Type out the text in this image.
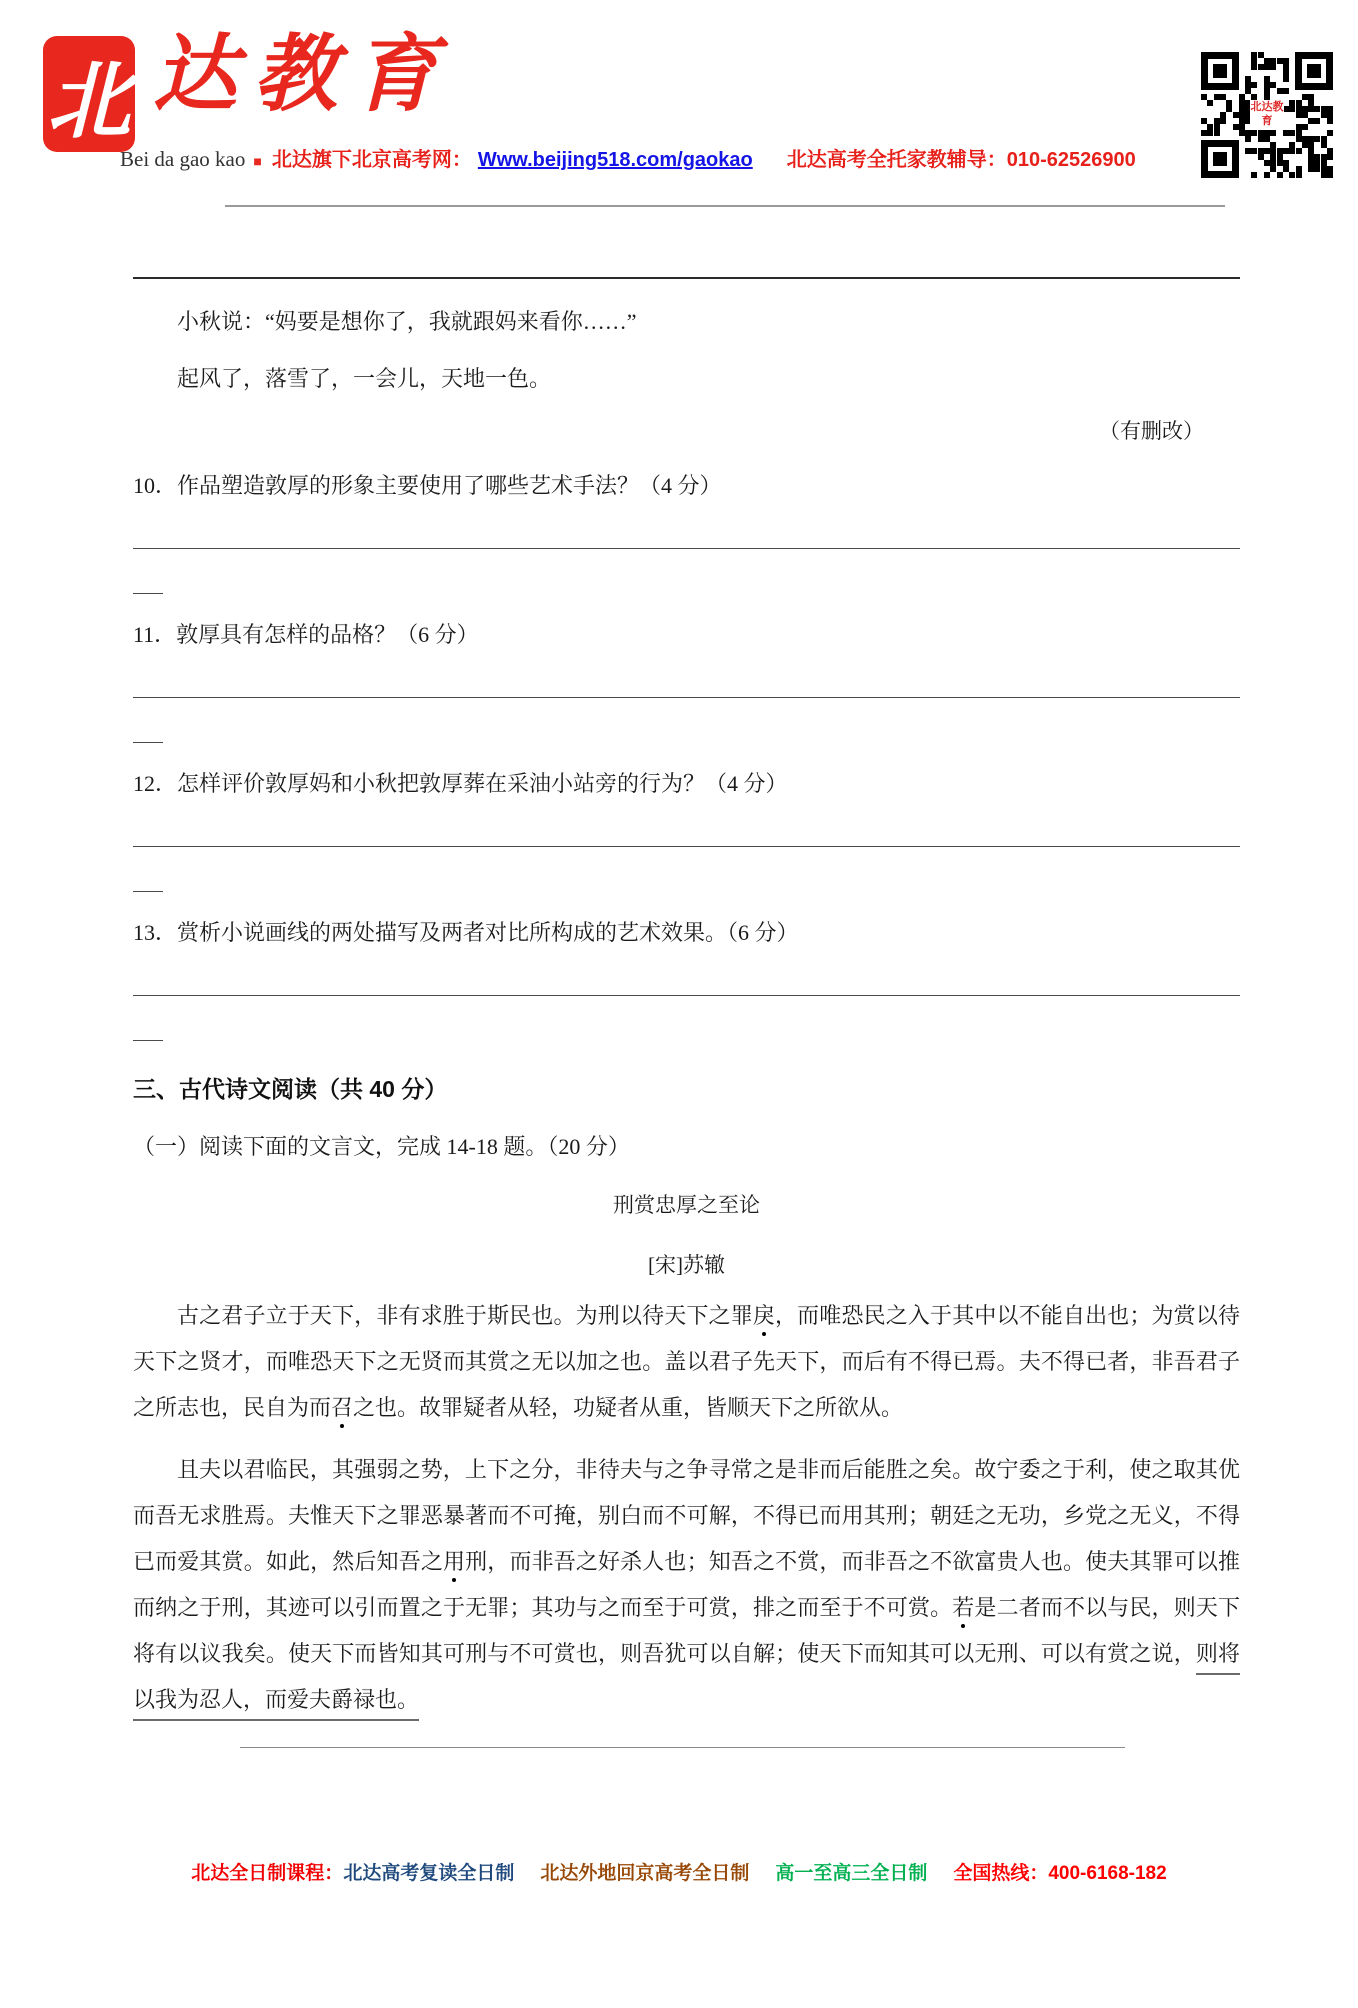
北 达教育
Bei da gao kao ■ 北达旗下北京高考网： Www.beijing518.com/gaokao 北达高考全托家教辅导： 010-62526900
北达教育
小秋说：“妈要是想你了，我就跟妈来看你……”
起风了，落雪了，一会儿，天地一色。
（有删改）
10．作品塑造敦厚的形象主要使用了哪些艺术手法？（4 分）
11．敦厚具有怎样的品格？（6 分）
12．怎样评价敦厚妈和小秋把敦厚葬在采油小站旁的行为？（4 分）
13．赏析小说画线的两处描写及两者对比所构成的艺术效果。（6 分）
三、古代诗文阅读（共 40 分）
（一）阅读下面的文言文，完成 14-18 题。（20 分）
刑赏忠厚之至论
[宋]苏辙

古之君子立于天下，非有求胜于斯民也。为刑以待天下之罪戾，而唯恐民之入于其中以不能自出也；为赏以待天下之贤才，而唯恐天下之无贤而其赏之无以加之也。盖以君子先天下，而后有不得已焉。夫不得已者，非吾君子之所志也，民自为而召之也。故罪疑者从轻，功疑者从重，皆顺天下之所欲从。

且夫以君临民，其强弱之势，上下之分，非待夫与之争寻常之是非而后能胜之矣。故宁委之于利，使之取其优而吾无求胜焉。夫惟天下之罪恶暴著而不可掩，别白而不可解，不得已而用其刑；朝廷之无功，乡党之无义，不得已而爱其赏。如此，然后知吾之用刑，而非吾之好杀人也；知吾之不赏，而非吾之不欲富贵人也。使夫其罪可以推而纳之于刑，其迹可以引而置之于无罪；其功与之而至于可赏，排之而至于不可赏。若是二者而不以与民，则天下将有以议我矣。使天下而皆知其可刑与不可赏也，则吾犹可以自解；使天下而知其可以无刑、可以有赏之说，则将以我为忍人，而爱夫爵禄也。

北达全日制课程：北达高考复读全日制 北达外地回京高考全日制 高一至高三全日制 全国热线：400-6168-182
